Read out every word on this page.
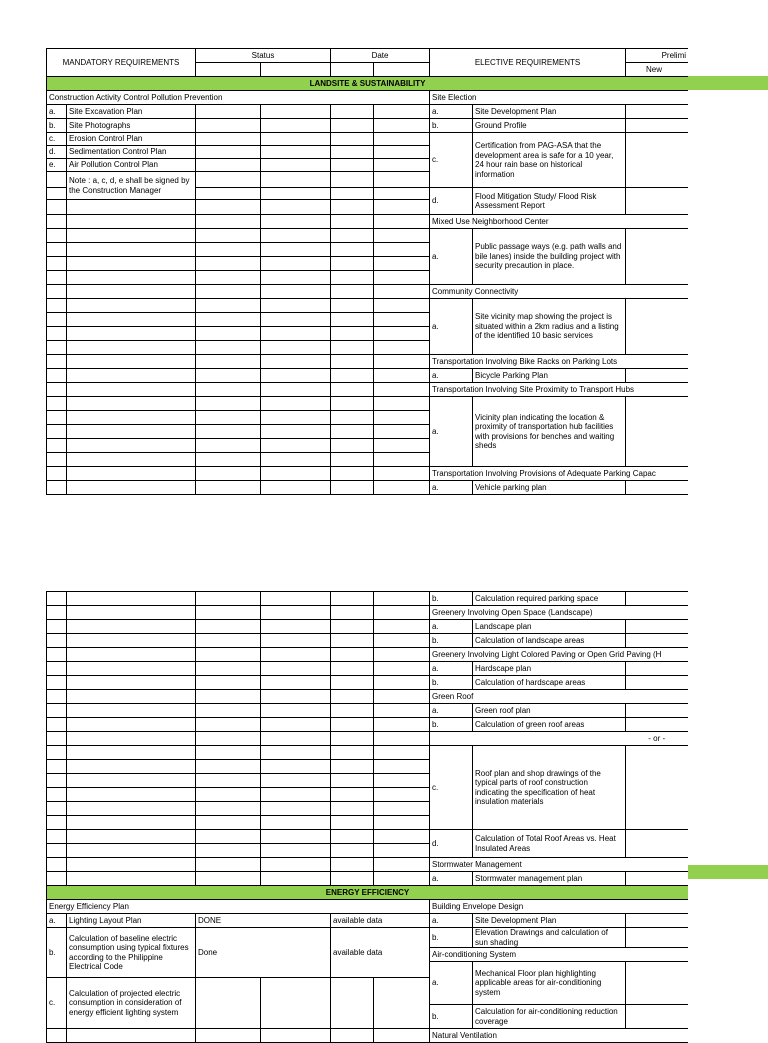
MANDATORY REQUIREMENTS		Status		Date		ELECTIVE REQUIREMENTS		Prelimi
								New
LANDSITE & SUSTAINABILITY								
Construction Activity Control Pollution Prevention						Site Election		
a.	Site Excavation Plan					a.	Site Development Plan	
b.	Site Photographs					b.	Ground Profile	
c.	Erosion Control Plan					c.	Certification from PAG-ASA that the development area is safe for a 10 year, 24 hour rain base on historical information	
d.	Sedimentation Control Plan							
e.	Air Pollution Control Plan							
	Note : a, c, d, e shall be signed by the Construction Manager							
						d.	Flood Mitigation Study/ Flood Risk Assessment Report	

						Mixed Use Neighborhood Center		
						a.	Public passage ways (e.g. path walls and bile lanes) inside the building project with security precaution in place.	

						Community Connectivity		
						a.	Site vicinity map showing the project is situated within a 2km radius and a listing of the identified 10 basic services	

						Transportation Involving Bike Racks on Parking Lots		
						a.	Bicycle Parking Plan	
						Transportation Involving Site Proximity to Transport Hubs		
						a.	Vicinity plan indicating the location & proximity of transportation hub facilities with provisions for benches and waiting sheds	

						Transportation Involving Provisions of Adequate Parking Capac		
						a.	Vehicle parking plan	
						b.	Calculation required parking space	
						Greenery Involving Open Space (Landscape)		
						a.	Landscape plan	
						b.	Calculation of landscape areas	
						Greenery Involving Light Colored Paving or Open Grid Paving (H		
						a.	Hardscape plan	
						b.	Calculation of hardscape areas	
						Green Roof		
						a.	Green roof plan	
						b.	Calculation of green roof areas	
								- or -
						c.	Roof plan and shop drawings of the typical parts of roof construction indicating the specification of heat insulation materials	

						d.	Calculation of Total Roof Areas vs. Heat Insulated Areas	

						Stormwater Management		
						a.	Stormwater management plan	
ENERGY EFFICIENCY								
Energy Efficiency Plan						Building Envelope Design		
a.	Lighting Layout Plan	DONE		available data		a.	Site Development Plan	
b.	Calculation of baseline electric consumption using typical fixtures according to the Philippine Electrical Code	Done		available data		b.	Elevation Drawings and calculation of sun shading	
						Air-conditioning System		
						a.	Mechanical Floor plan highlighting applicable areas for air-conditioning system	
c.	Calculation of projected electric consumption in consideration of energy efficient lighting system							
						b.	Calculation for air-conditioning reduction coverage	
						Natural Ventilation		
